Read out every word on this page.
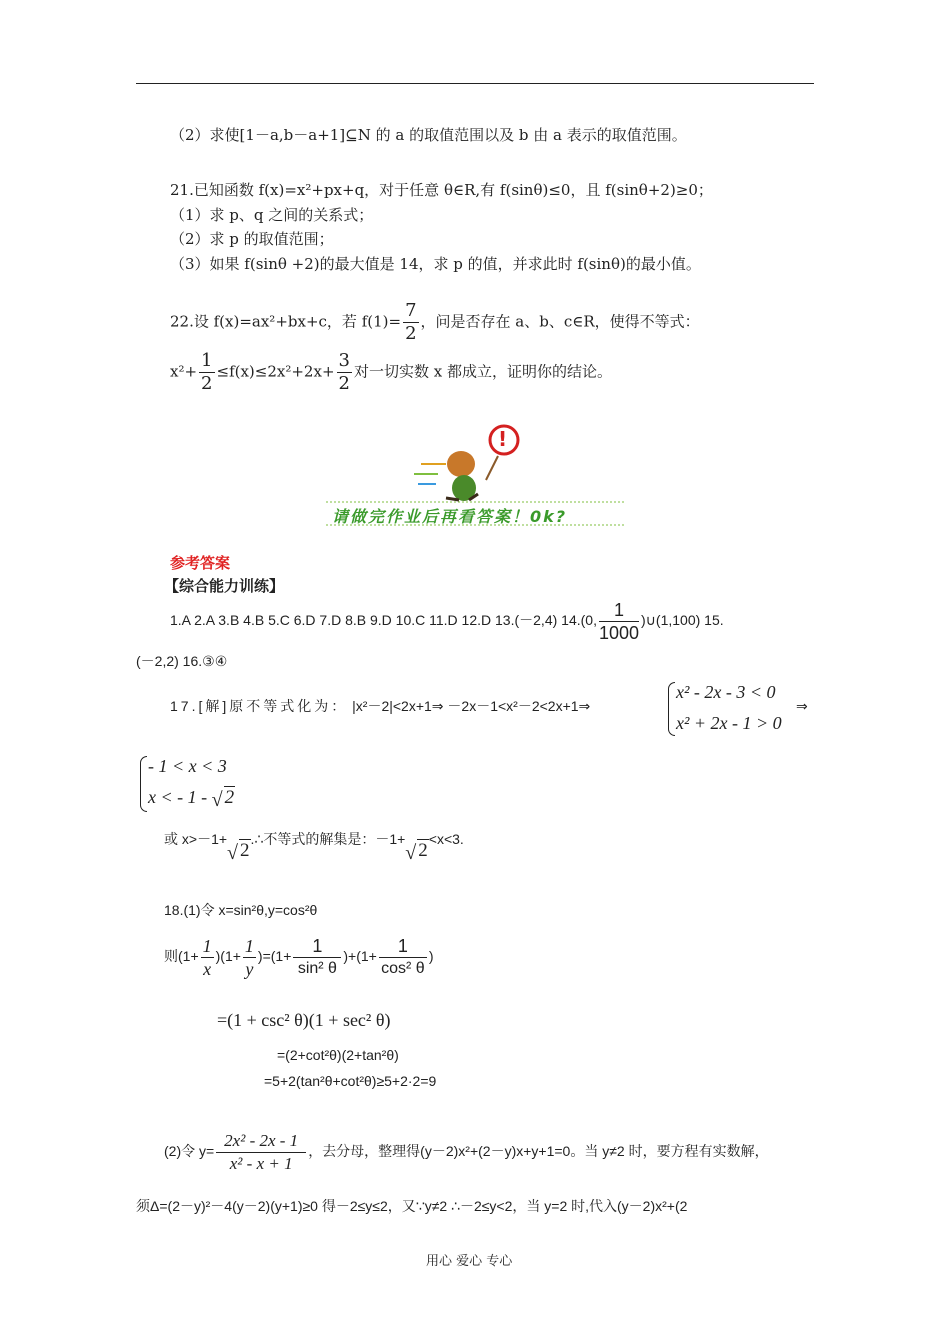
（2）求使[1－a,b－a+1]⊆N 的 a 的取值范围以及 b 由 a 表示的取值范围。
21.已知函数 f(x)=x²+px+q，对于任意 θ∈R,有 f(sinθ)≤0，且 f(sinθ+2)≥0；
（1）求 p、q 之间的关系式；
（2）求 p 的取值范围；
（3）如果 f(sinθ +2)的最大值是 14，求 p 的值，并求此时 f(sinθ)的最小值。
22.设 f(x)=ax²+bx+c，若 $f(1)= \frac{7}{2}$ ，问是否存在 a、b、c∈R，使得不等式：
$x^2+ \frac{1}{2} \le f(x)\le 2x^2+2x+ \frac{3}{2}$ 对一切实数 x 都成立，证明你的结论。
!
请做完作业后再看答案！0k?
参考答案
【综合能力训练】
1.A 2.A 3.B 4.B 5.C 6.D 7.D 8.B 9.D 10.C 11.D 12.D 13.(－2,4) 14.(0, $\frac{1}{1000}$ )∪(1,100) 15.
(－2,2) 16.③④
17.[解]原不等式化为： |x²－2|<2x+1⇒ －2x－1<x²－2<2x+1⇒
x² - 2x - 3 < 0
x² + 2x - 1 > 0
⇒
- 1 < x < 3
x < - 1 - √ 2
或 x>－1+√ 2.∴不等式的解集是：－1+√ 2<x<3.
18.(1)令 x=sin²θ,y=cos²θ
则$(1+ \frac{1}{x} )(1+ \frac{1}{y} )=(1+ \frac{1}{\text{sin² θ}} )+(1+ \frac{1}{\text{cos² θ}}$ )
=(1 + csc² θ)(1 + sec² θ)
=(2+cot²θ)(2+tan²θ)
=5+2(tan²θ+cot²θ)≥5+2·2=9
(2)令 $y= \frac{\text{2x² - 2x - 1}}{\text{x² - x + 1}}$ ，去分母，整理得(y－2)x²+(2－y)x+y+1=0。当 y≠2 时，要方程有实数解，
须Δ=(2－y)²－4(y－2)(y+1)≥0 得－2≤y≤2，又∵y≠2 ∴－2≤y<2，当 y=2 时,代入(y－2)x²+(2
用心 爱心 专心
